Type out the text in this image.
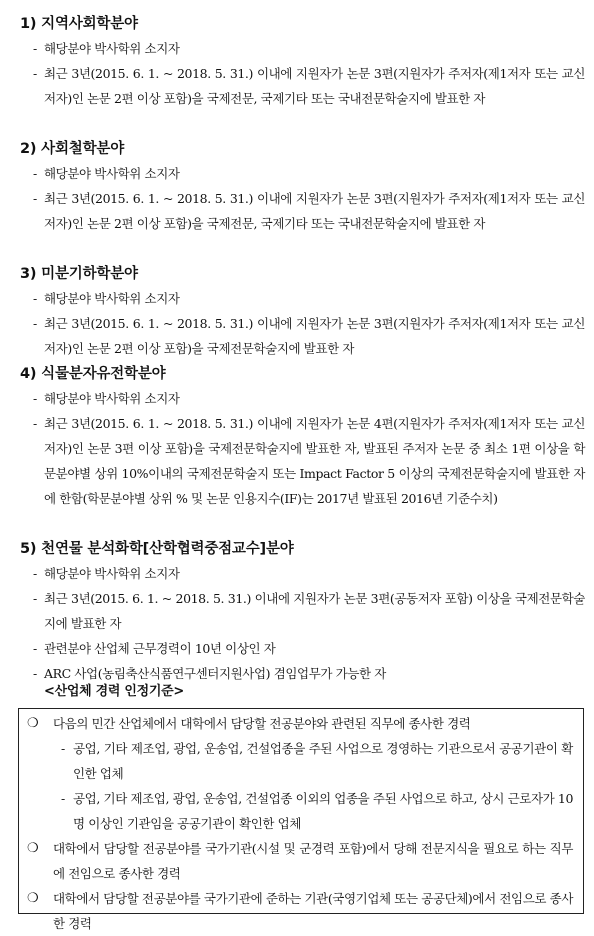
1) 지역사회학분야
- 해당분야 박사학위 소지자
- 최근 3년(2015. 6. 1. ~ 2018. 5. 31.) 이내에 지원자가 논문 3편(지원자가 주저자(제1저자 또는 교신저자)인 논문 2편 이상 포함)을 국제전문, 국제기타 또는 국내전문학술지에 발표한 자
2) 사회철학분야
- 해당분야 박사학위 소지자
- 최근 3년(2015. 6. 1. ~ 2018. 5. 31.) 이내에 지원자가 논문 3편(지원자가 주저자(제1저자 또는 교신저자)인 논문 2편 이상 포함)을 국제전문, 국제기타 또는 국내전문학술지에 발표한 자
3) 미분기하학분야
- 해당분야 박사학위 소지자
- 최근 3년(2015. 6. 1. ~ 2018. 5. 31.) 이내에 지원자가 논문 3편(지원자가 주저자(제1저자 또는 교신저자)인 논문 2편 이상 포함)을 국제전문학술지에 발표한 자
4) 식물분자유전학분야
- 해당분야 박사학위 소지자
- 최근 3년(2015. 6. 1. ~ 2018. 5. 31.) 이내에 지원자가 논문 4편(지원자가 주저자(제1저자 또는 교신저자)인 논문 3편 이상 포함)을 국제전문학술지에 발표한 자, 발표된 주저자 논문 중 최소 1편 이상을 학문분야별 상위 10%이내의 국제전문학술지 또는 Impact Factor 5 이상의 국제전문학술지에 발표한 자에 한함(학문분야별 상위 % 및 논문 인용지수(IF)는 2017년 발표된 2016년 기준수치)
5) 천연물 분석화학[산학협력중점교수]분야
- 해당분야 박사학위 소지자
- 최근 3년(2015. 6. 1. ~ 2018. 5. 31.) 이내에 지원자가 논문 3편(공동저자 포함) 이상을 국제전문학술지에 발표한 자
- 관련분야 산업체 근무경력이 10년 이상인 자
- ARC 사업(농림축산식품연구센터지원사업) 겸임업무가 가능한 자
<산업체 경력 인정기준>
❍ 다음의 민간 산업체에서 대학에서 담당할 전공분야와 관련된 직무에 종사한 경력
- 공업, 기타 제조업, 광업, 운송업, 건설업종을 주된 사업으로 경영하는 기관으로서 공공기관이 확인한 업체
- 공업, 기타 제조업, 광업, 운송업, 건설업종 이외의 업종을 주된 사업으로 하고, 상시 근로자가 10명 이상인 기관임을 공공기관이 확인한 업체
❍ 대학에서 담당할 전공분야를 국가기관(시설 및 군경력 포함)에서 당해 전문지식을 필요로 하는 직무에 전임으로 종사한 경력
❍ 대학에서 담당할 전공분야를 국가기관에 준하는 기관(국영기업체 또는 공공단체)에서 전임으로 종사한 경력
